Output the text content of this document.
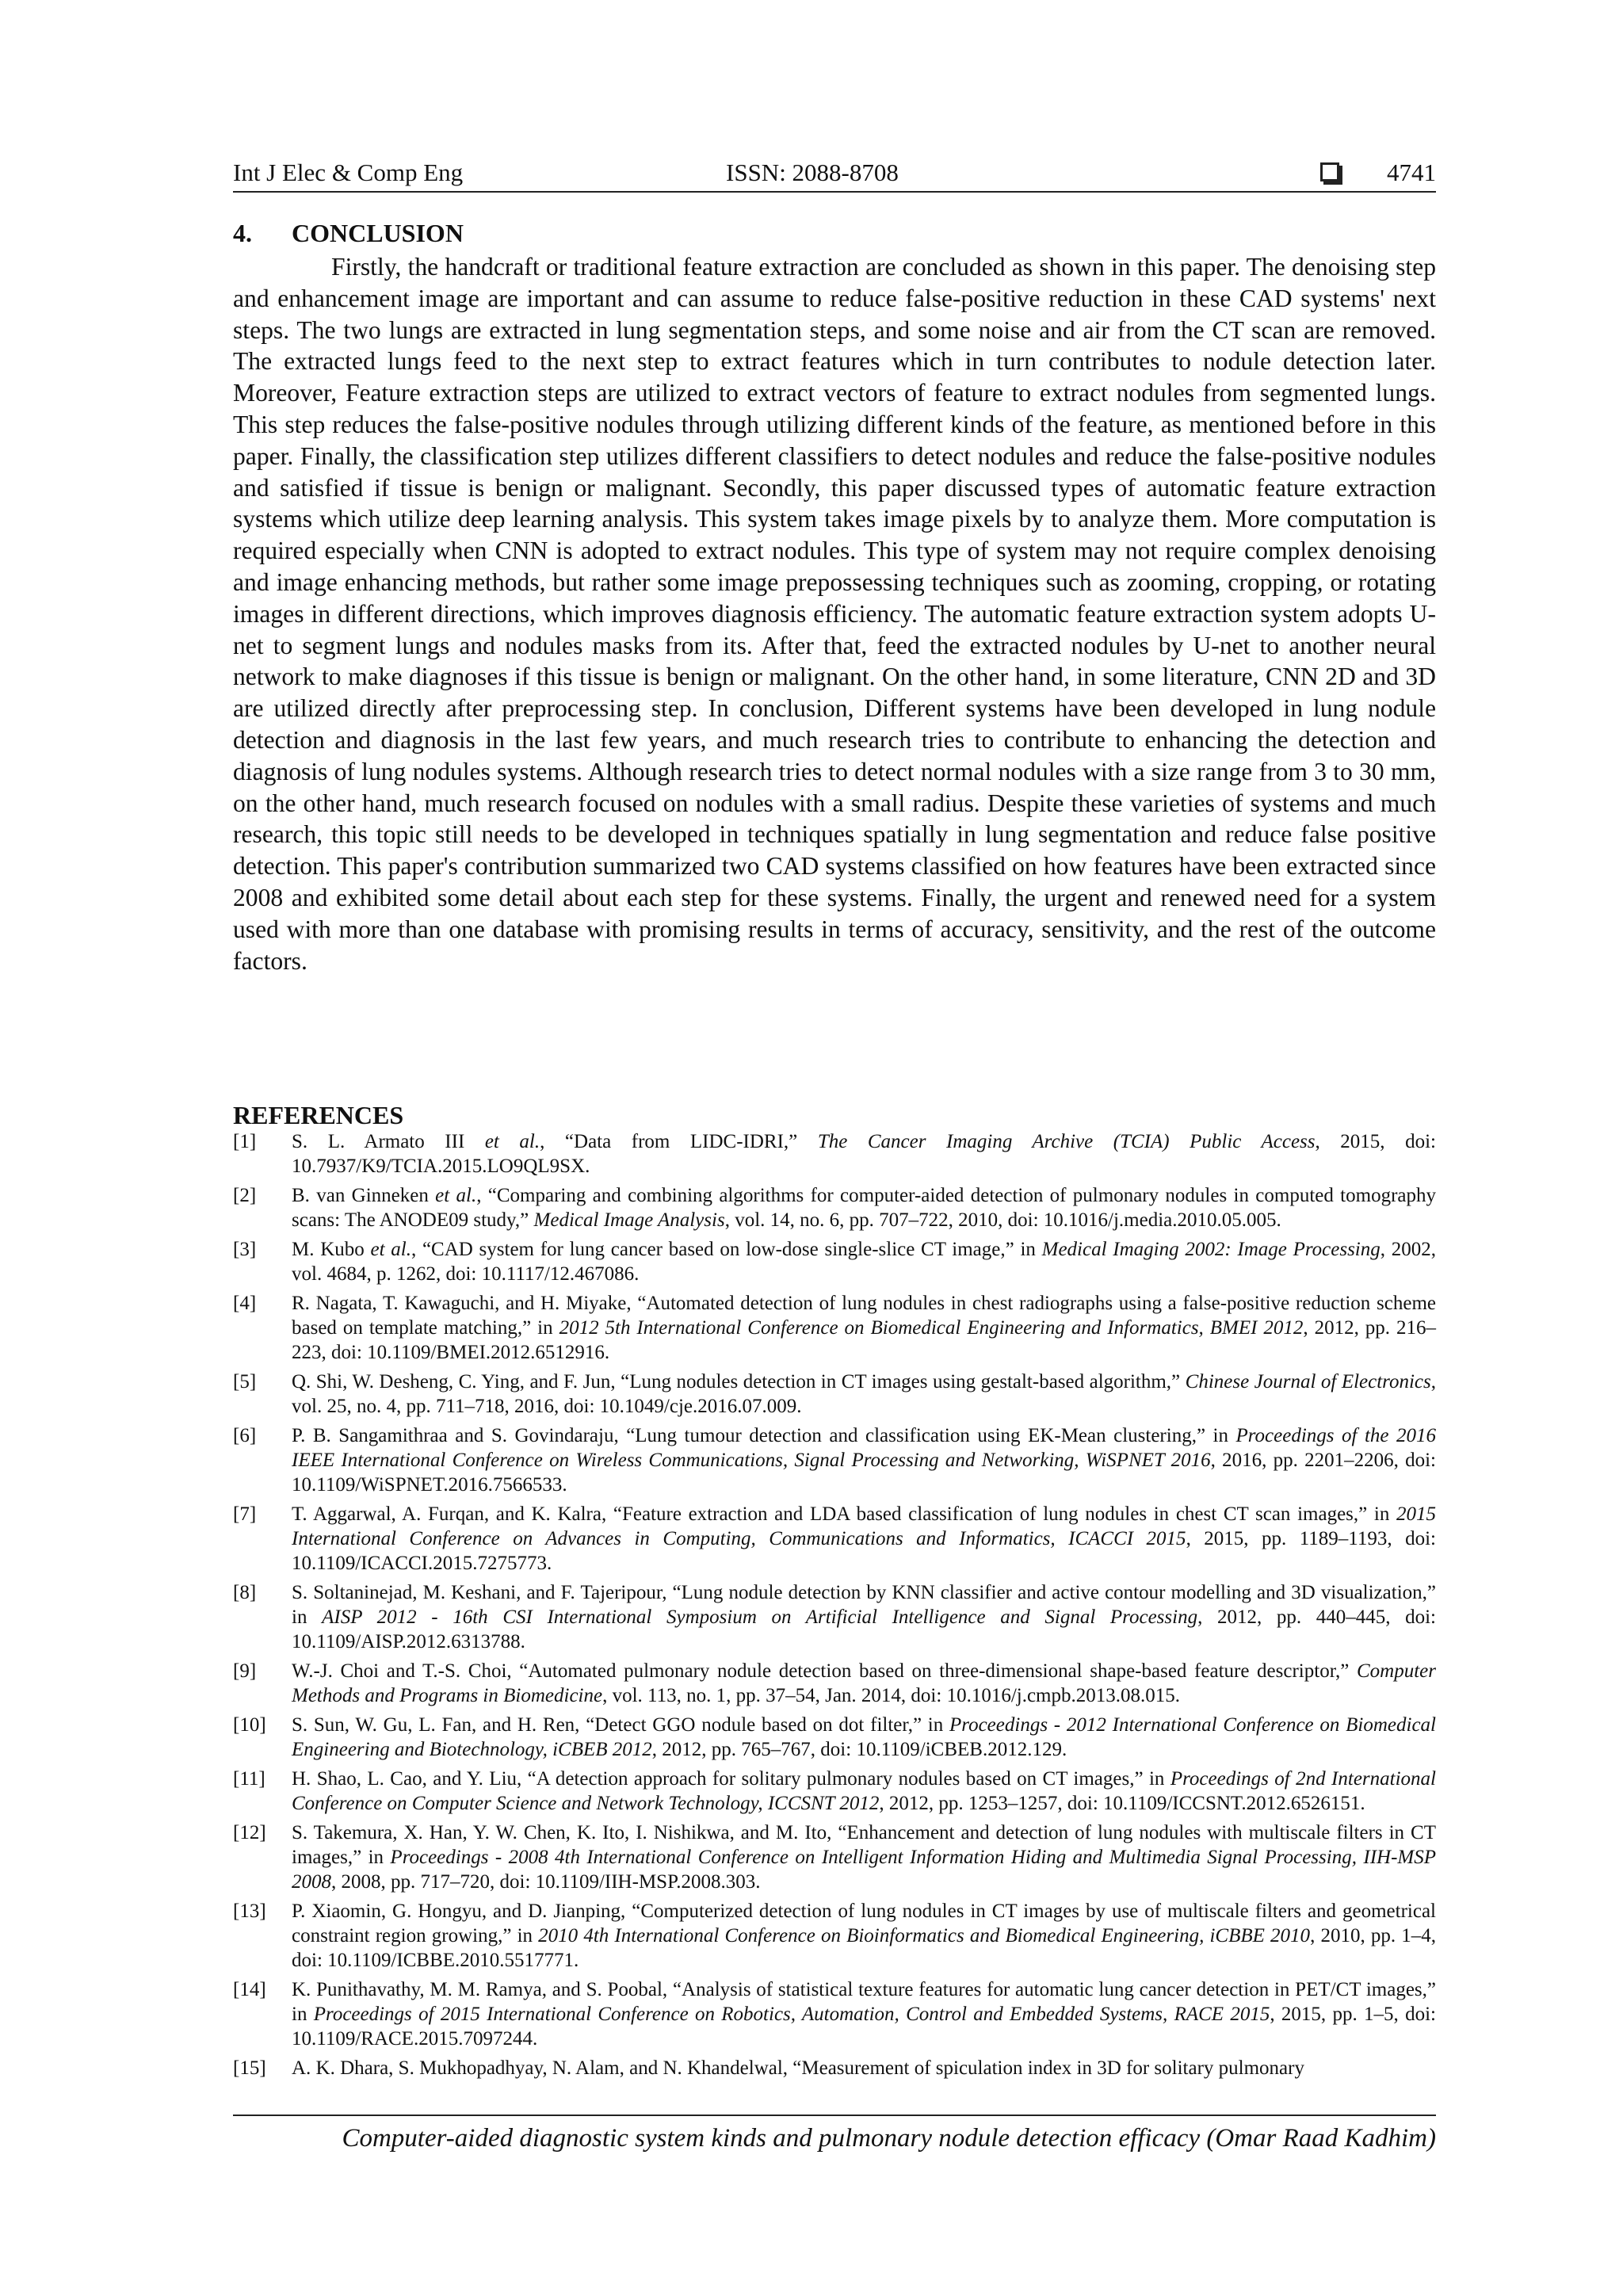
Int J Elec & Comp Eng	ISSN: 2088-8708	4741
4. CONCLUSION

Firstly, the handcraft or traditional feature extraction are concluded as shown in this paper. The denoising step and enhancement image are important and can assume to reduce false-positive reduction in these CAD systems' next steps. The two lungs are extracted in lung segmentation steps, and some noise and air from the CT scan are removed. The extracted lungs feed to the next step to extract features which in turn contributes to nodule detection later. Moreover, Feature extraction steps are utilized to extract vectors of feature to extract nodules from segmented lungs. This step reduces the false-positive nodules through utilizing different kinds of the feature, as mentioned before in this paper. Finally, the classification step utilizes different classifiers to detect nodules and reduce the false-positive nodules and satisfied if tissue is benign or malignant. Secondly, this paper discussed types of automatic feature extraction systems which utilize deep learning analysis. This system takes image pixels by to analyze them. More computation is required especially when CNN is adopted to extract nodules. This type of system may not require complex denoising and image enhancing methods, but rather some image prepossessing techniques such as zooming, cropping, or rotating images in different directions, which improves diagnosis efficiency. The automatic feature extraction system adopts U-net to segment lungs and nodules masks from its. After that, feed the extracted nodules by U-net to another neural network to make diagnoses if this tissue is benign or malignant. On the other hand, in some literature, CNN 2D and 3D are utilized directly after preprocessing step. In conclusion, Different systems have been developed in lung nodule detection and diagnosis in the last few years, and much research tries to contribute to enhancing the detection and diagnosis of lung nodules systems. Although research tries to detect normal nodules with a size range from 3 to 30 mm, on the other hand, much research focused on nodules with a small radius. Despite these varieties of systems and much research, this topic still needs to be developed in techniques spatially in lung segmentation and reduce false positive detection. This paper's contribution summarized two CAD systems classified on how features have been extracted since 2008 and exhibited some detail about each step for these systems. Finally, the urgent and renewed need for a system used with more than one database with promising results in terms of accuracy, sensitivity, and the rest of the outcome factors.

REFERENCES
[1] S. L. Armato III et al., “Data from LIDC-IDRI,” The Cancer Imaging Archive (TCIA) Public Access, 2015, doi: 10.7937/K9/TCIA.2015.LO9QL9SX.
[2] B. van Ginneken et al., “Comparing and combining algorithms for computer-aided detection of pulmonary nodules in computed tomography scans: The ANODE09 study,” Medical Image Analysis, vol. 14, no. 6, pp. 707–722, 2010, doi: 10.1016/j.media.2010.05.005.
[3] M. Kubo et al., “CAD system for lung cancer based on low-dose single-slice CT image,” in Medical Imaging 2002: Image Processing, 2002, vol. 4684, p. 1262, doi: 10.1117/12.467086.
[4] R. Nagata, T. Kawaguchi, and H. Miyake, “Automated detection of lung nodules in chest radiographs using a false-positive reduction scheme based on template matching,” in 2012 5th International Conference on Biomedical Engineering and Informatics, BMEI 2012, 2012, pp. 216–223, doi: 10.1109/BMEI.2012.6512916.
[5] Q. Shi, W. Desheng, C. Ying, and F. Jun, “Lung nodules detection in CT images using gestalt-based algorithm,” Chinese Journal of Electronics, vol. 25, no. 4, pp. 711–718, 2016, doi: 10.1049/cje.2016.07.009.
[6] P. B. Sangamithraa and S. Govindaraju, “Lung tumour detection and classification using EK-Mean clustering,” in Proceedings of the 2016 IEEE International Conference on Wireless Communications, Signal Processing and Networking, WiSPNET 2016, 2016, pp. 2201–2206, doi: 10.1109/WiSPNET.2016.7566533.
[7] T. Aggarwal, A. Furqan, and K. Kalra, “Feature extraction and LDA based classification of lung nodules in chest CT scan images,” in 2015 International Conference on Advances in Computing, Communications and Informatics, ICACCI 2015, 2015, pp. 1189–1193, doi: 10.1109/ICACCI.2015.7275773.
[8] S. Soltaninejad, M. Keshani, and F. Tajeripour, “Lung nodule detection by KNN classifier and active contour modelling and 3D visualization,” in AISP 2012 - 16th CSI International Symposium on Artificial Intelligence and Signal Processing, 2012, pp. 440–445, doi: 10.1109/AISP.2012.6313788.
[9] W.-J. Choi and T.-S. Choi, “Automated pulmonary nodule detection based on three-dimensional shape-based feature descriptor,” Computer Methods and Programs in Biomedicine, vol. 113, no. 1, pp. 37–54, Jan. 2014, doi: 10.1016/j.cmpb.2013.08.015.
[10] S. Sun, W. Gu, L. Fan, and H. Ren, “Detect GGO nodule based on dot filter,” in Proceedings - 2012 International Conference on Biomedical Engineering and Biotechnology, iCBEB 2012, 2012, pp. 765–767, doi: 10.1109/iCBEB.2012.129.
[11] H. Shao, L. Cao, and Y. Liu, “A detection approach for solitary pulmonary nodules based on CT images,” in Proceedings of 2nd International Conference on Computer Science and Network Technology, ICCSNT 2012, 2012, pp. 1253–1257, doi: 10.1109/ICCSNT.2012.6526151.
[12] S. Takemura, X. Han, Y. W. Chen, K. Ito, I. Nishikwa, and M. Ito, “Enhancement and detection of lung nodules with multiscale filters in CT images,” in Proceedings - 2008 4th International Conference on Intelligent Information Hiding and Multimedia Signal Processing, IIH-MSP 2008, 2008, pp. 717–720, doi: 10.1109/IIH-MSP.2008.303.
[13] P. Xiaomin, G. Hongyu, and D. Jianping, “Computerized detection of lung nodules in CT images by use of multiscale filters and geometrical constraint region growing,” in 2010 4th International Conference on Bioinformatics and Biomedical Engineering, iCBBE 2010, 2010, pp. 1–4, doi: 10.1109/ICBBE.2010.5517771.
[14] K. Punithavathy, M. M. Ramya, and S. Poobal, “Analysis of statistical texture features for automatic lung cancer detection in PET/CT images,” in Proceedings of 2015 International Conference on Robotics, Automation, Control and Embedded Systems, RACE 2015, 2015, pp. 1–5, doi: 10.1109/RACE.2015.7097244.
[15] A. K. Dhara, S. Mukhopadhyay, N. Alam, and N. Khandelwal, “Measurement of spiculation index in 3D for solitary pulmonary
Computer-aided diagnostic system kinds and pulmonary nodule detection efficacy (Omar Raad Kadhim)
